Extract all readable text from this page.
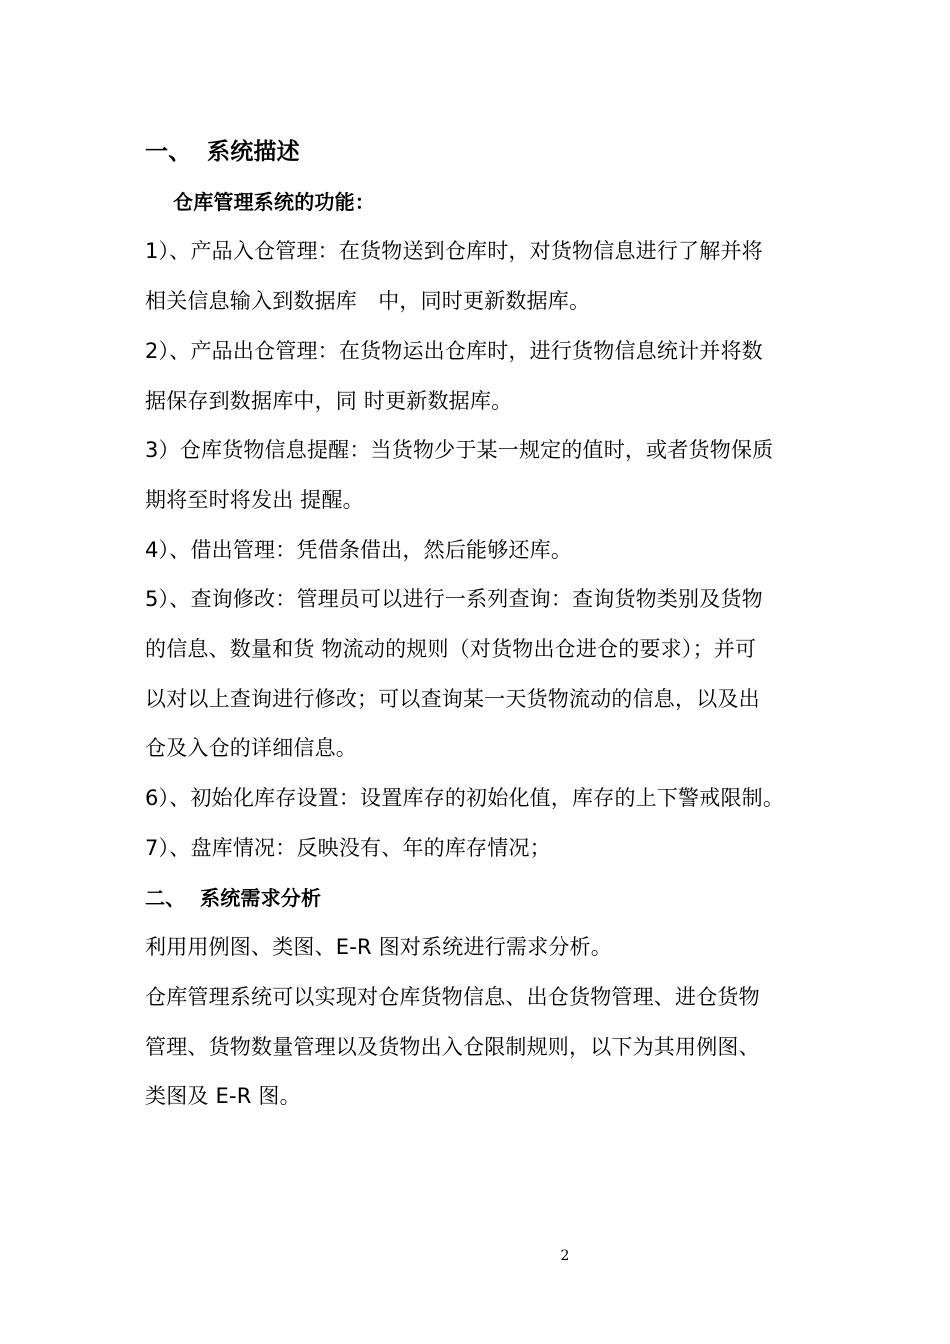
一、 系统描述
仓库管理系统的功能：
1）、产品入仓管理：在货物送到仓库时，对货物信息进行了解并将
相关信息输入到数据库　中，同时更新数据库。
2）、产品出仓管理：在货物运出仓库时，进行货物信息统计并将数
据保存到数据库中，同 时更新数据库。
3）仓库货物信息提醒：当货物少于某一规定的值时，或者货物保质
期将至时将发出 提醒。
4）、借出管理：凭借条借出，然后能够还库。
5）、查询修改：管理员可以进行一系列查询：查询货物类别及货物
的信息、数量和货 物流动的规则（对货物出仓进仓的要求）；并可
以对以上查询进行修改；可以查询某一天货物流动的信息，以及出
仓及入仓的详细信息。
6）、初始化库存设置：设置库存的初始化值，库存的上下警戒限制。
7）、盘库情况：反映没有、年的库存情况；
二、 系统需求分析
利用用例图、类图、E-R 图对系统进行需求分析。
仓库管理系统可以实现对仓库货物信息、出仓货物管理、进仓货物
管理、货物数量管理以及货物出入仓限制规则，以下为其用例图、
类图及 E-R 图。
2
